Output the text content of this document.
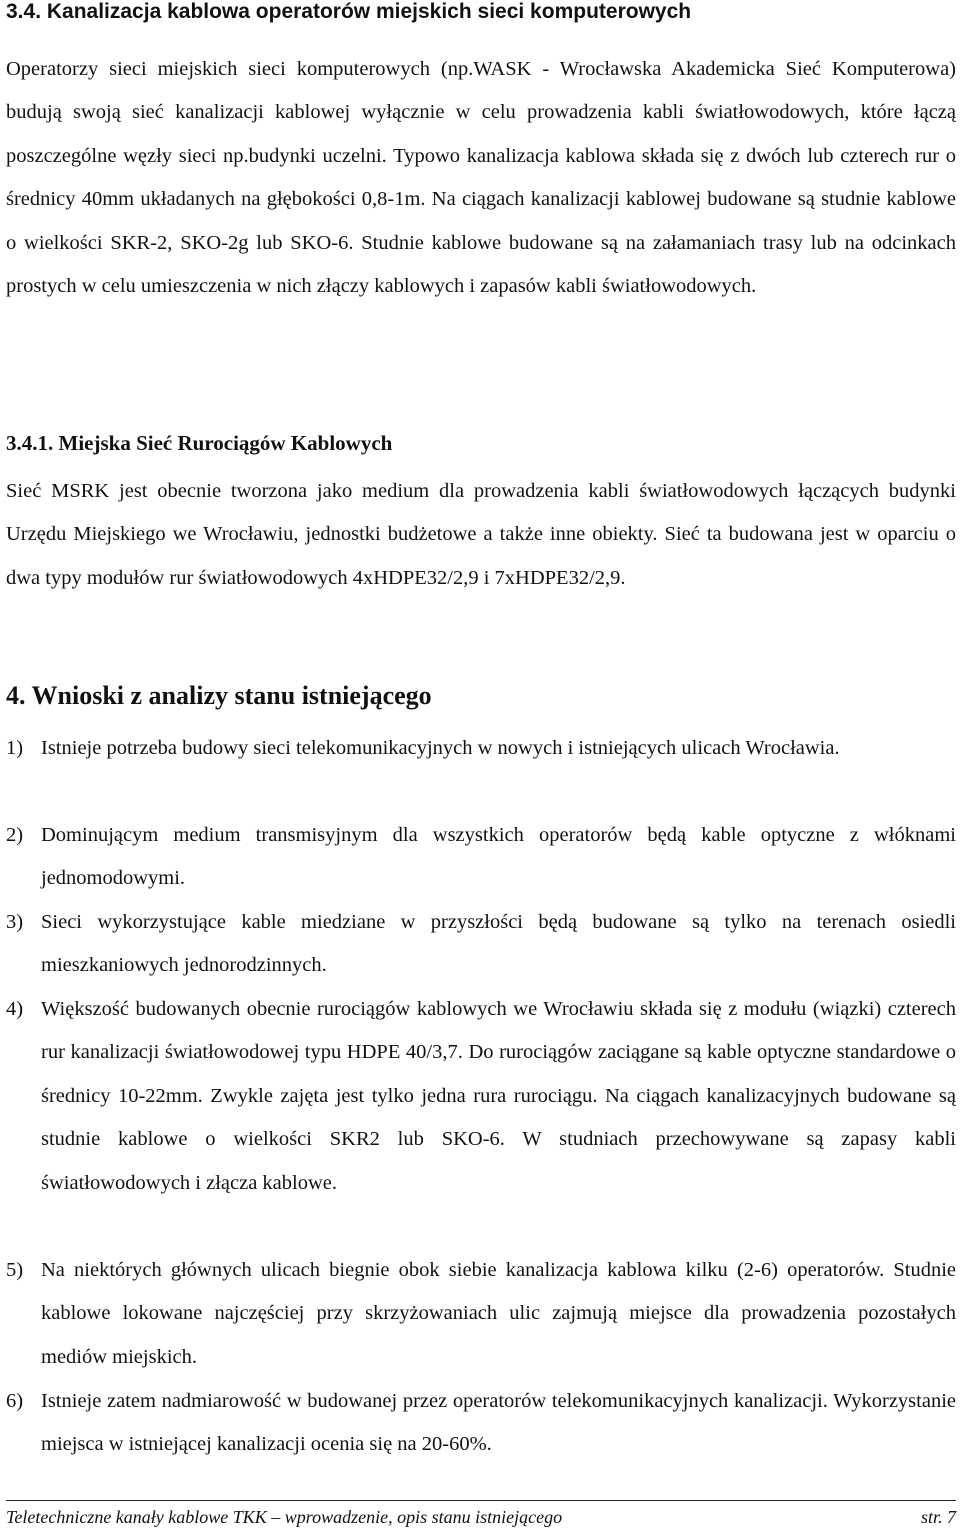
3.4. Kanalizacja kablowa operatorów miejskich sieci komputerowych

Operatorzy sieci miejskich sieci komputerowych (np.WASK - Wrocławska Akademicka Sieć Komputerowa) budują swoją sieć kanalizacji kablowej wyłącznie w celu prowadzenia kabli światłowodowych, które łączą poszczególne węzły sieci np.budynki uczelni. Typowo kanalizacja kablowa składa się z dwóch lub czterech rur o średnicy 40mm układanych na głębokości 0,8-1m. Na ciągach kanalizacji kablowej budowane są studnie kablowe o wielkości SKR-2, SKO-2g lub SKO-6. Studnie kablowe budowane są na załamaniach trasy lub na odcinkach prostych w celu umieszczenia w nich złączy kablowych i zapasów kabli światłowodowych.

3.4.1. Miejska Sieć Rurociągów Kablowych

Sieć MSRK jest obecnie tworzona jako medium dla prowadzenia kabli światłowodowych łączących budynki Urzędu Miejskiego we Wrocławiu, jednostki budżetowe a także inne obiekty. Sieć ta budowana jest w oparciu o dwa typy modułów rur światłowodowych 4xHDPE32/2,9 i 7xHDPE32/2,9.

4. Wnioski z analizy stanu istniejącego
1) Istnieje potrzeba budowy sieci telekomunikacyjnych w nowych i istniejących ulicach Wrocławia.
2) Dominującym medium transmisyjnym dla wszystkich operatorów będą kable optyczne z włóknami jednomodowymi.
3) Sieci wykorzystujące kable miedziane w przyszłości będą budowane są tylko na terenach osiedli mieszkaniowych jednorodzinnych.
4) Większość budowanych obecnie rurociągów kablowych we Wrocławiu składa się z modułu (wiązki) czterech rur kanalizacji światłowodowej typu HDPE 40/3,7. Do rurociągów zaciągane są kable optyczne standardowe o średnicy 10-22mm. Zwykle zajęta jest tylko jedna rura rurociągu. Na ciągach kanalizacyjnych budowane są studnie kablowe o wielkości SKR2 lub SKO-6. W studniach przechowywane są zapasy kabli światłowodowych i złącza kablowe.
5) Na niektórych głównych ulicach biegnie obok siebie kanalizacja kablowa kilku (2-6) operatorów. Studnie kablowe lokowane najczęściej przy skrzyżowaniach ulic zajmują miejsce dla prowadzenia pozostałych mediów miejskich.
6) Istnieje zatem nadmiarowość w budowanej przez operatorów telekomunikacyjnych kanalizacji. Wykorzystanie miejsca w istniejącej kanalizacji ocenia się na 20-60%.
Teletechniczne kanały kablowe TKK – wprowadzenie, opis stanu istniejącego	str. 7
